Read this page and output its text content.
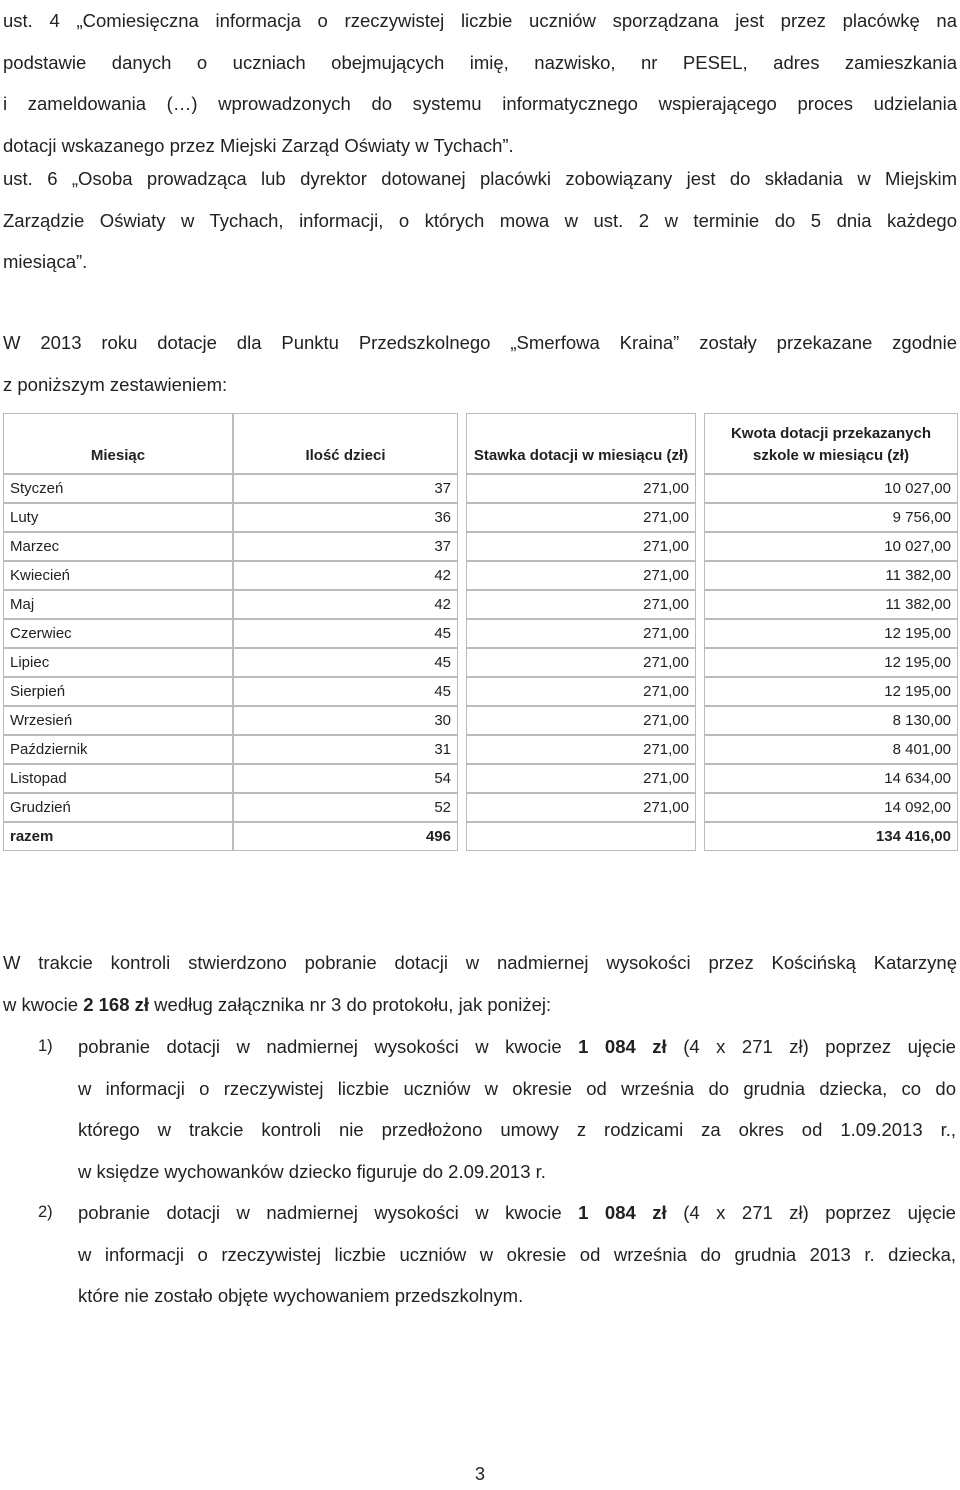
ust. 4 „Comiesięczna informacja o rzeczywistej liczbie uczniów sporządzana jest przez placówkę na
podstawie danych o uczniach obejmujących imię, nazwisko, nr PESEL, adres zamieszkania
i zameldowania (…) wprowadzonych do systemu informatycznego wspierającego proces udzielania
dotacji wskazanego przez Miejski Zarząd Oświaty w Tychach”.

ust. 6 „Osoba prowadząca lub dyrektor dotowanej placówki zobowiązany jest do składania w Miejskim
Zarządzie Oświaty w Tychach, informacji, o których mowa w ust. 2 w terminie do 5 dnia każdego
miesiąca”.

W 2013 roku dotacje dla Punktu Przedszkolnego „Smerfowa Kraina” zostały przekazane zgodnie
z poniższym zestawieniem:

Miesiąc	Ilość dzieci		Stawka dotacji w miesiącu (zł)		Kwota dotacji przekazanych szkole w miesiącu (zł)
Styczeń	37		271,00		10 027,00
Luty	36		271,00		9 756,00
Marzec	37		271,00		10 027,00
Kwiecień	42		271,00		11 382,00
Maj	42		271,00		11 382,00
Czerwiec	45		271,00		12 195,00
Lipiec	45		271,00		12 195,00
Sierpień	45		271,00		12 195,00
Wrzesień	30		271,00		8 130,00
Październik	31		271,00		8 401,00
Listopad	54		271,00		14 634,00
Grudzień	52		271,00		14 092,00
razem	496				134 416,00

W trakcie kontroli stwierdzono pobranie dotacji w nadmiernej wysokości przez Kościńską Katarzynę
w kwocie 2 168 zł według załącznika nr 3 do protokołu, jak poniżej:

1) pobranie dotacji w nadmiernej wysokości w kwocie 1 084 zł (4 x 271 zł) poprzez ujęcie
w informacji o rzeczywistej liczbie uczniów w okresie od września do grudnia dziecka, co do
którego w trakcie kontroli nie przedłożono umowy z rodzicami za okres od 1.09.2013 r.,
w księdze wychowanków dziecko figuruje do 2.09.2013 r.
2) pobranie dotacji w nadmiernej wysokości w kwocie 1 084 zł (4 x 271 zł) poprzez ujęcie
w informacji o rzeczywistej liczbie uczniów w okresie od września do grudnia 2013 r. dziecka,
które nie zostało objęte wychowaniem przedszkolnym.
3
